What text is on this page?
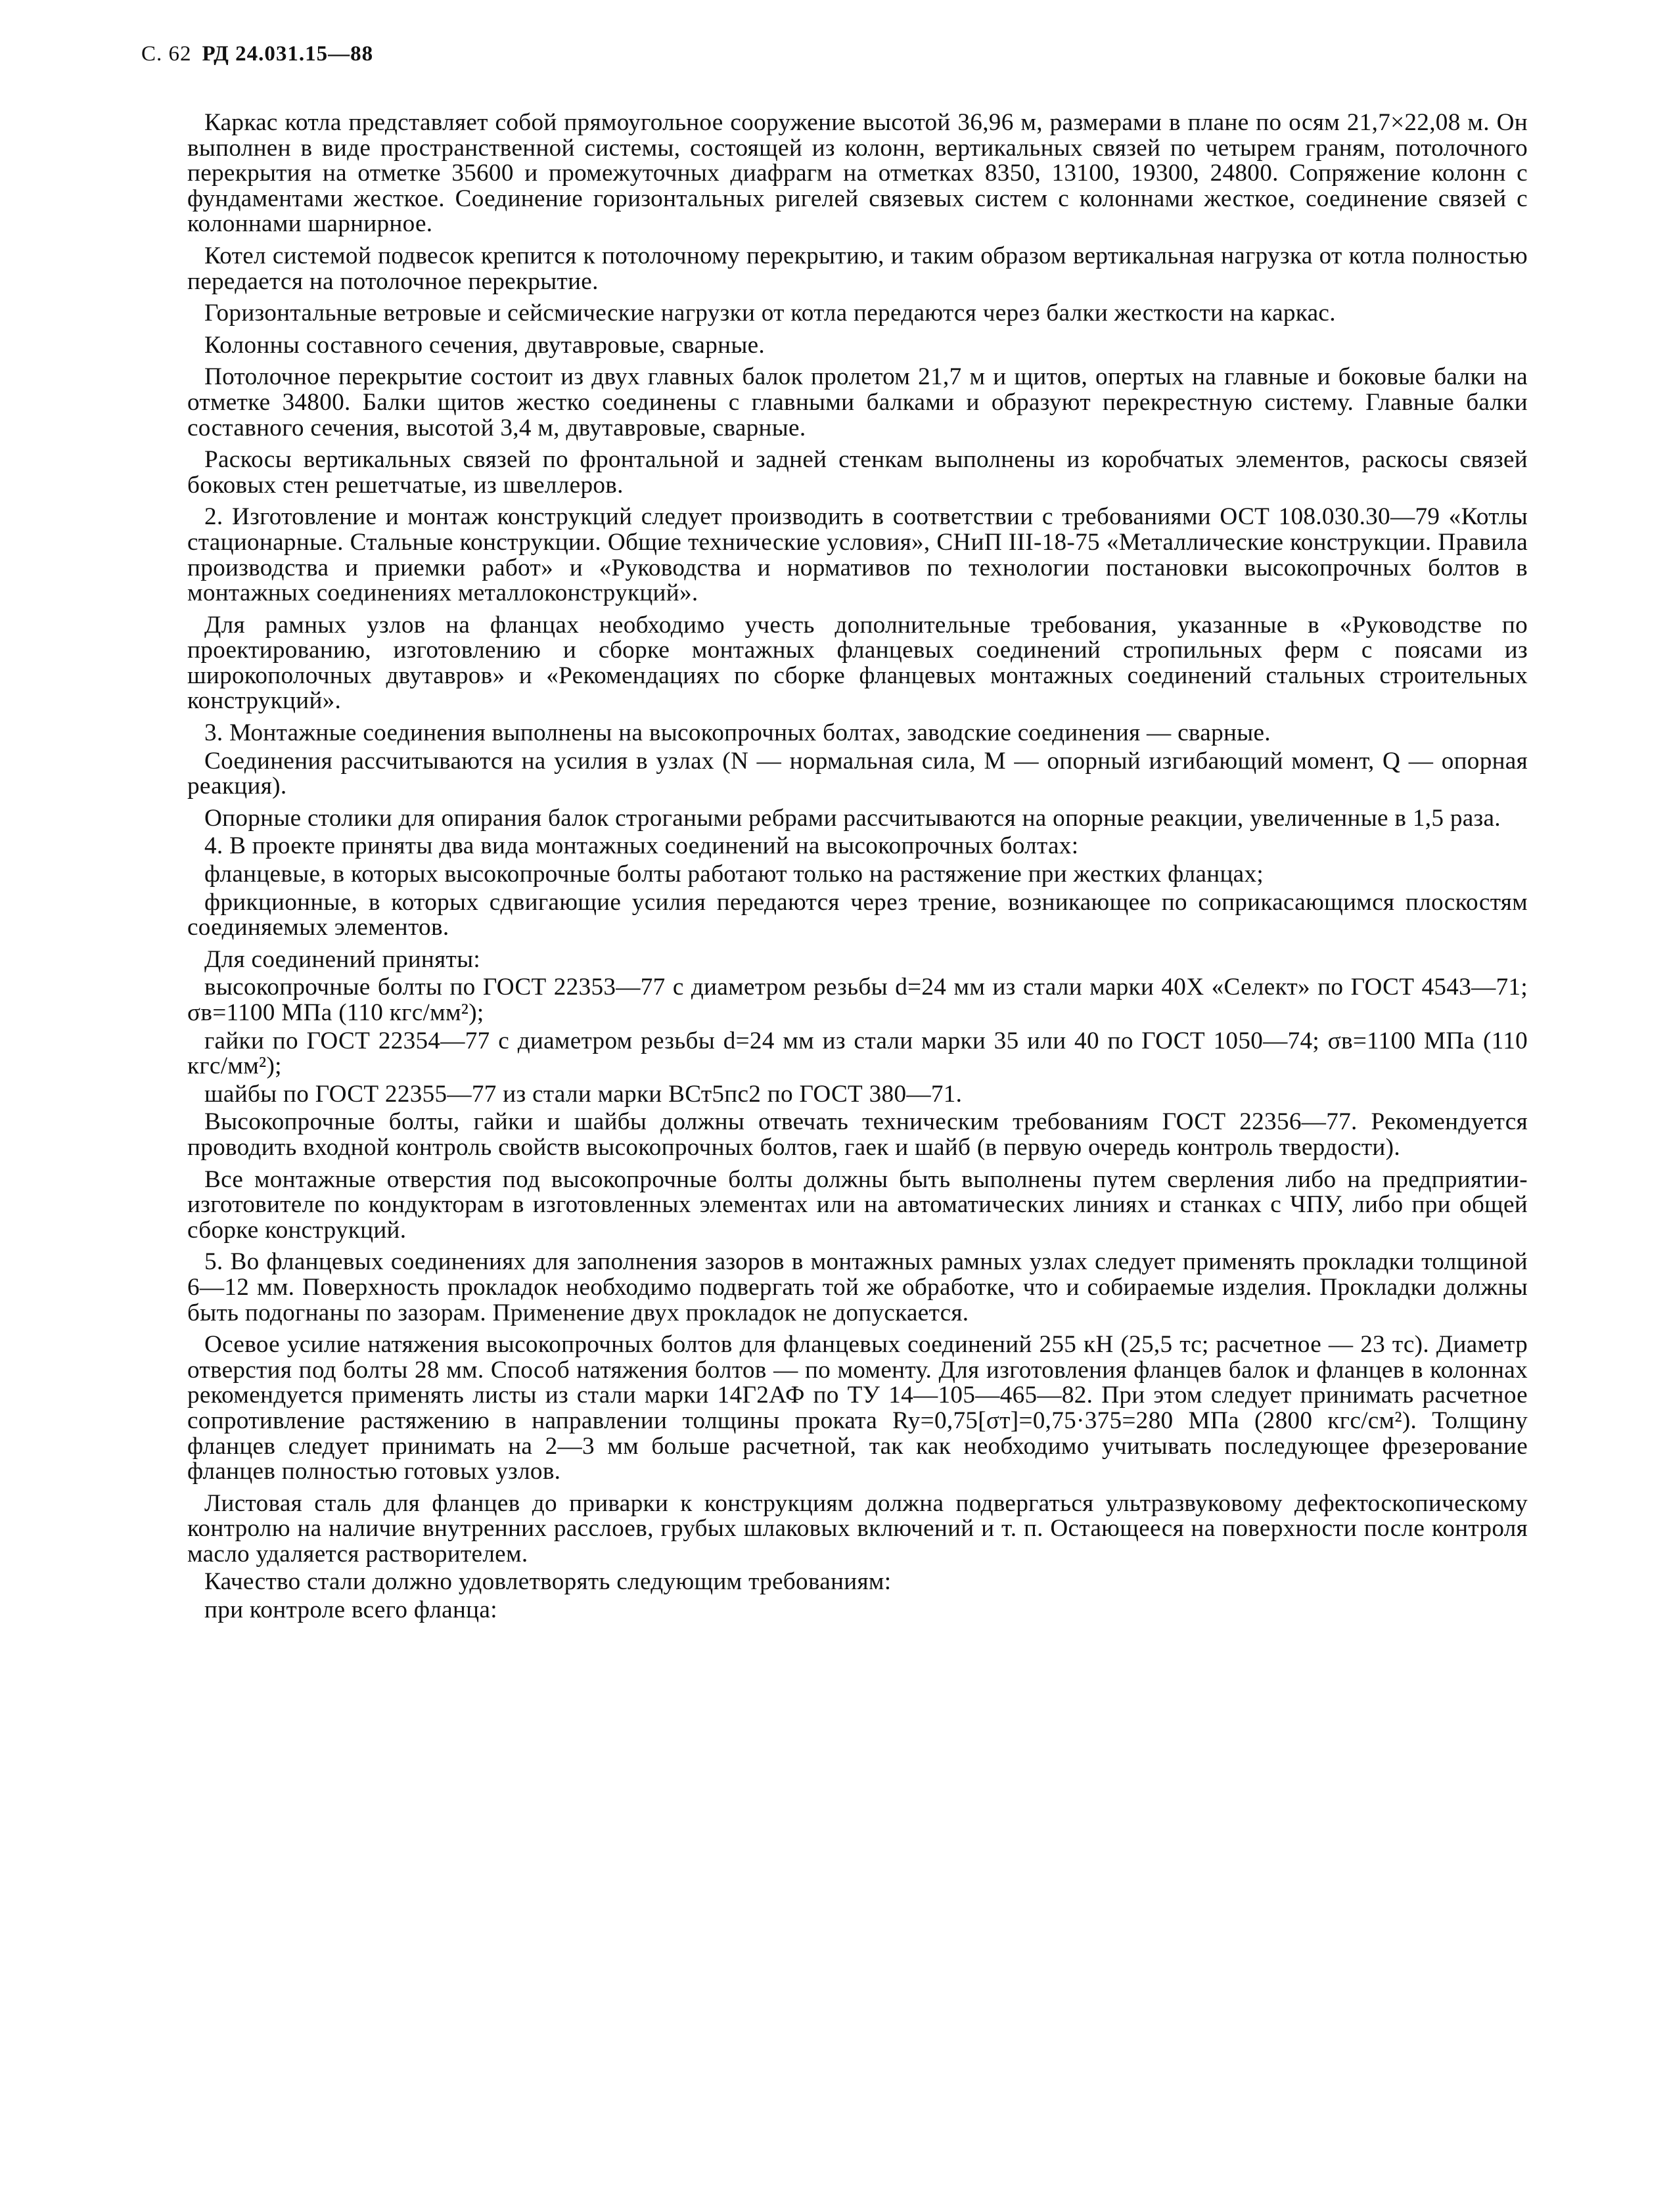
С. 62 РД 24.031.15—88

Каркас котла представляет собой прямоугольное сооружение высотой 36,96 м, размерами в плане по осям 21,7×22,08 м. Он выполнен в виде пространственной системы, состоящей из колонн, вертикальных связей по четырем граням, потолочного перекрытия на отметке 35600 и промежуточных диафрагм на отметках 8350, 13100, 19300, 24800. Сопряжение колонн с фундаментами жесткое. Соединение горизонтальных ригелей связевых систем с колоннами жесткое, соединение связей с колоннами шарнирное.

Котел системой подвесок крепится к потолочному перекрытию, и таким образом вертикальная нагрузка от котла полностью передается на потолочное перекрытие.

Горизонтальные ветровые и сейсмические нагрузки от котла передаются через балки жесткости на каркас.

Колонны составного сечения, двутавровые, сварные.

Потолочное перекрытие состоит из двух главных балок пролетом 21,7 м и щитов, опертых на главные и боковые балки на отметке 34800. Балки щитов жестко соединены с главными балками и образуют перекрестную систему. Главные балки составного сечения, высотой 3,4 м, двутавровые, сварные.

Раскосы вертикальных связей по фронтальной и задней стенкам выполнены из коробчатых элементов, раскосы связей боковых стен решетчатые, из швеллеров.

2. Изготовление и монтаж конструкций следует производить в соответствии с требованиями ОСТ 108.030.30—79 «Котлы стационарные. Стальные конструкции. Общие технические условия», СНиП III-18-75 «Металлические конструкции. Правила производства и приемки работ» и «Руководства и нормативов по технологии постановки высокопрочных болтов в монтажных соединениях металлоконструкций».

Для рамных узлов на фланцах необходимо учесть дополнительные требования, указанные в «Руководстве по проектированию, изготовлению и сборке монтажных фланцевых соединений стропильных ферм с поясами из широкополочных двутавров» и «Рекомендациях по сборке фланцевых монтажных соединений стальных строительных конструкций».

3. Монтажные соединения выполнены на высокопрочных болтах, заводские соединения — сварные.

Соединения рассчитываются на усилия в узлах (N — нормальная сила, M — опорный изгибающий момент, Q — опорная реакция).

Опорные столики для опирания балок строгаными ребрами рассчитываются на опорные реакции, увеличенные в 1,5 раза.

4. В проекте приняты два вида монтажных соединений на высокопрочных болтах:

фланцевые, в которых высокопрочные болты работают только на растяжение при жестких фланцах;

фрикционные, в которых сдвигающие усилия передаются через трение, возникающее по соприкасающимся плоскостям соединяемых элементов.

Для соединений приняты:

высокопрочные болты по ГОСТ 22353—77 с диаметром резьбы d=24 мм из стали марки 40Х «Селект» по ГОСТ 4543—71; σв=1100 МПа (110 кгс/мм²);

гайки по ГОСТ 22354—77 с диаметром резьбы d=24 мм из стали марки 35 или 40 по ГОСТ 1050—74; σв=1100 МПа (110 кгс/мм²);

шайбы по ГОСТ 22355—77 из стали марки ВСт5пс2 по ГОСТ 380—71.

Высокопрочные болты, гайки и шайбы должны отвечать техническим требованиям ГОСТ 22356—77. Рекомендуется проводить входной контроль свойств высокопрочных болтов, гаек и шайб (в первую очередь контроль твердости).

Все монтажные отверстия под высокопрочные болты должны быть выполнены путем сверления либо на предприятии-изготовителе по кондукторам в изготовленных элементах или на автоматических линиях и станках с ЧПУ, либо при общей сборке конструкций.

5. Во фланцевых соединениях для заполнения зазоров в монтажных рамных узлах следует применять прокладки толщиной 6—12 мм. Поверхность прокладок необходимо подвергать той же обработке, что и собираемые изделия. Прокладки должны быть подогнаны по зазорам. Применение двух прокладок не допускается.

Осевое усилие натяжения высокопрочных болтов для фланцевых соединений 255 кН (25,5 тс; расчетное — 23 тс). Диаметр отверстия под болты 28 мм. Способ натяжения болтов — по моменту. Для изготовления фланцев балок и фланцев в колоннах рекомендуется применять листы из стали марки 14Г2АФ по ТУ 14—105—465—82. При этом следует принимать расчетное сопротивление растяжению в направлении толщины проката Ry=0,75[σт]=0,75·375=280 МПа (2800 кгс/см²). Толщину фланцев следует принимать на 2—3 мм больше расчетной, так как необходимо учитывать последующее фрезерование фланцев полностью готовых узлов.

Листовая сталь для фланцев до приварки к конструкциям должна подвергаться ультразвуковому дефектоскопическому контролю на наличие внутренних расслоев, грубых шлаковых включений и т. п. Остающееся на поверхности после контроля масло удаляется растворителем.

Качество стали должно удовлетворять следующим требованиям:

при контроле всего фланца:
